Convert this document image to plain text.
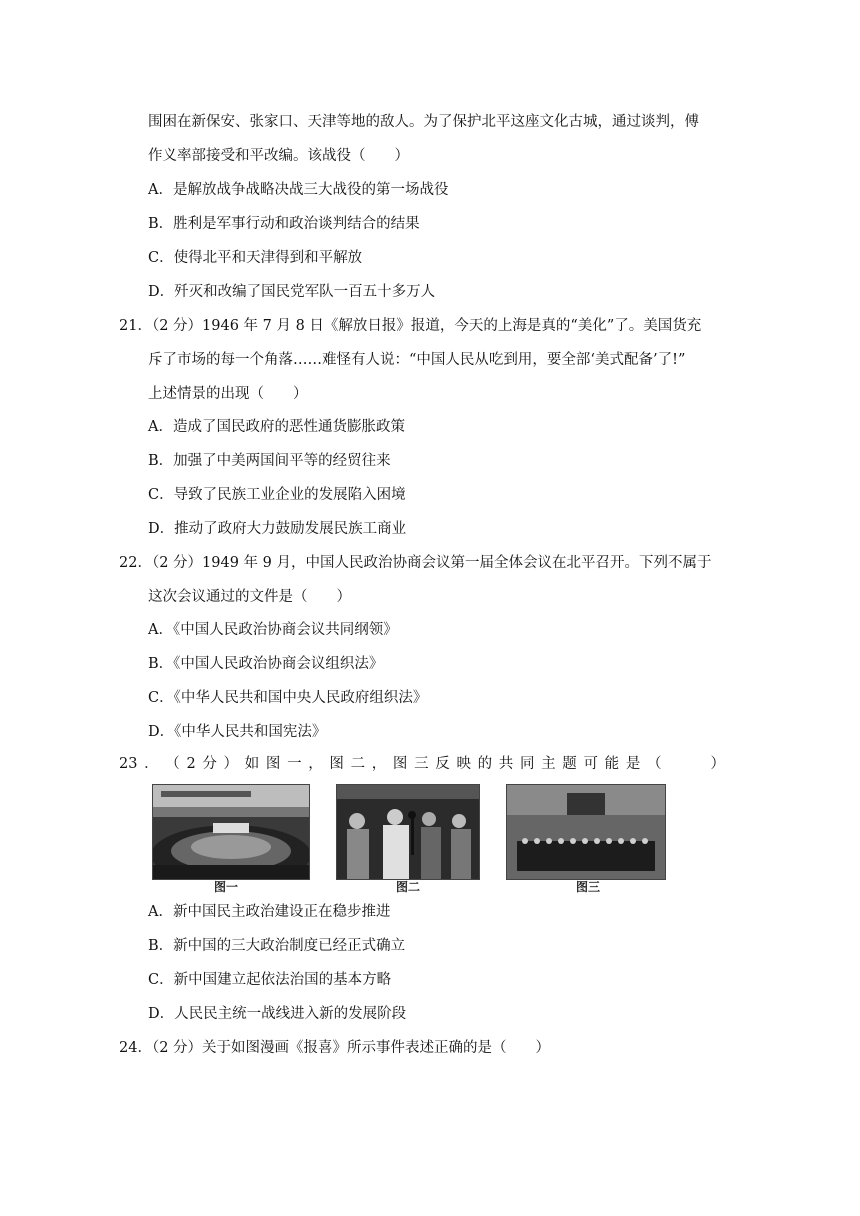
围困在新保安、张家口、天津等地的敌人。为了保护北平这座文化古城，通过谈判，傅
作义率部接受和平改编。该战役（　　）
A．是解放战争战略决战三大战役的第一场战役
B．胜利是军事行动和政治谈判结合的结果
C．使得北平和天津得到和平解放
D．歼灭和改编了国民党军队一百五十多万人
21．（2 分）1946 年 7 月 8 日《解放日报》报道，今天的上海是真的“美化”了。美国货充
斥了市场的每一个角落……难怪有人说：“中国人民从吃到用，要全部‘美式配备’了!”
上述情景的出现（　　）
A．造成了国民政府的恶性通货膨胀政策
B．加强了中美两国间平等的经贸往来
C．导致了民族工业企业的发展陷入困境
D．推动了政府大力鼓励发展民族工商业
22．（2 分）1949 年 9 月，中国人民政治协商会议第一届全体会议在北平召开。下列不属于
这次会议通过的文件是（　　）
A．《中国人民政治协商会议共同纲领》
B．《中国人民政治协商会议组织法》
C．《中华人民共和国中央人民政府组织法》
D．《中华人民共和国宪法》
23 ． （ 2 分 ） 如 图 一 ， 图 二 ， 图 三 反 映 的 共 同 主 题 可 能 是 （

　	）
图一	图二	图三
A．新中国民主政治建设正在稳步推进
B．新中国的三大政治制度已经正式确立
C．新中国建立起依法治国的基本方略
D．人民民主统一战线进入新的发展阶段
24．（2 分）关于如图漫画《报喜》所示事件表述正确的是（　　）
